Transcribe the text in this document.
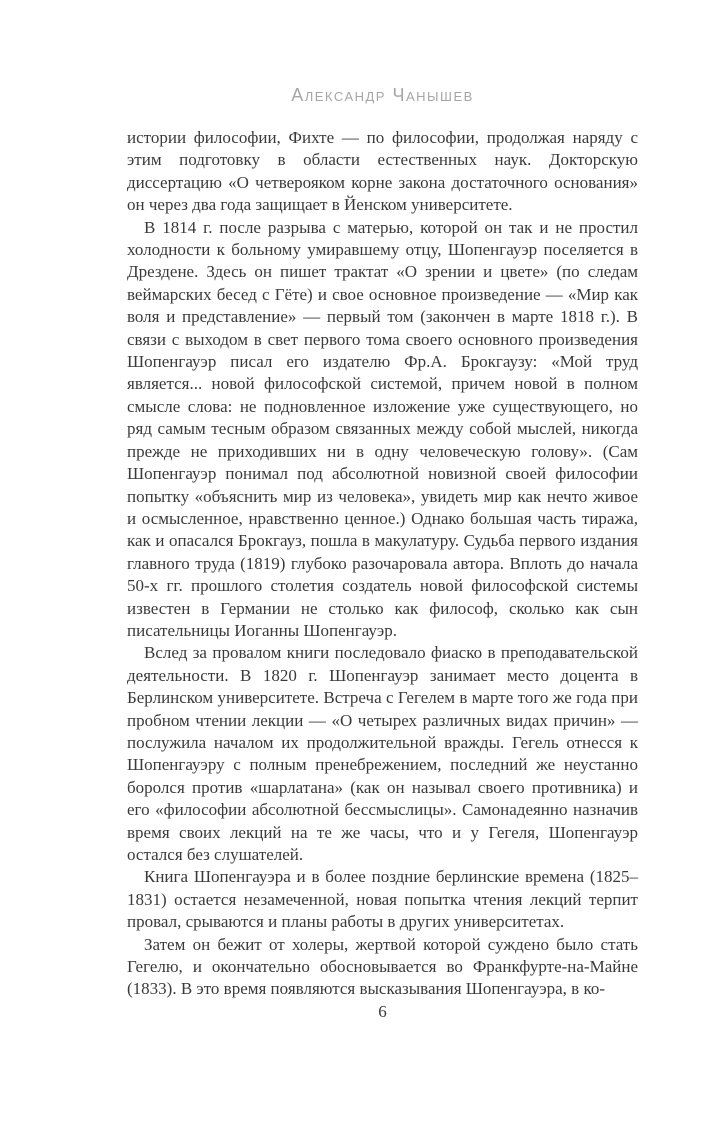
Александр Чанышев

истории философии, Фихте — по философии, продолжая наряду с этим подготовку в области естественных наук. Докторскую диссертацию «О четверояком корне закона достаточного основания» он через два года защищает в Йенском университете.

В 1814 г. после разрыва с матерью, которой он так и не простил холодности к больному умиравшему отцу, Шопенгауэр поселяется в Дрездене. Здесь он пишет трактат «О зрении и цвете» (по следам веймарских бесед с Гёте) и свое основное произведение — «Мир как воля и представление» — первый том (закончен в марте 1818 г.). В связи с выходом в свет первого тома своего основного произведения Шопенгауэр писал его издателю Фр.А. Брокгаузу: «Мой труд является... новой философской системой, причем новой в полном смысле слова: не подновленное изложение уже существующего, но ряд самым тесным образом связанных между собой мыслей, никогда прежде не приходивших ни в одну человеческую голову». (Сам Шопенгауэр понимал под абсолютной новизной своей философии попытку «объяснить мир из человека», увидеть мир как нечто живое и осмысленное, нравственно ценное.) Однако большая часть тиража, как и опасался Брокгауз, пошла в макулатуру. Судьба первого издания главного труда (1819) глубоко разочаровала автора. Вплоть до начала 50-х гг. прошлого столетия создатель новой философской системы известен в Германии не столько как философ, сколько как сын писательницы Иоганны Шопенгауэр.

Вслед за провалом книги последовало фиаско в преподавательской деятельности. В 1820 г. Шопенгауэр занимает место доцента в Берлинском университете. Встреча с Гегелем в марте того же года при пробном чтении лекции — «О четырех различных видах причин» — послужила началом их продолжительной вражды. Гегель отнесся к Шопенгауэру с полным пренебрежением, последний же неустанно боролся против «шарлатана» (как он называл своего противника) и его «философии абсолютной бессмыслицы». Самонадеянно назначив время своих лекций на те же часы, что и у Гегеля, Шопенгауэр остался без слушателей.

Книга Шопенгауэра и в более поздние берлинские времена (1825–1831) остается незамеченной, новая попытка чтения лекций терпит провал, срываются и планы работы в других университетах.

Затем он бежит от холеры, жертвой которой суждено было стать Гегелю, и окончательно обосновывается во Франкфурте-на-Майне (1833). В это время появляются высказывания Шопенгауэра, в ко-

6
